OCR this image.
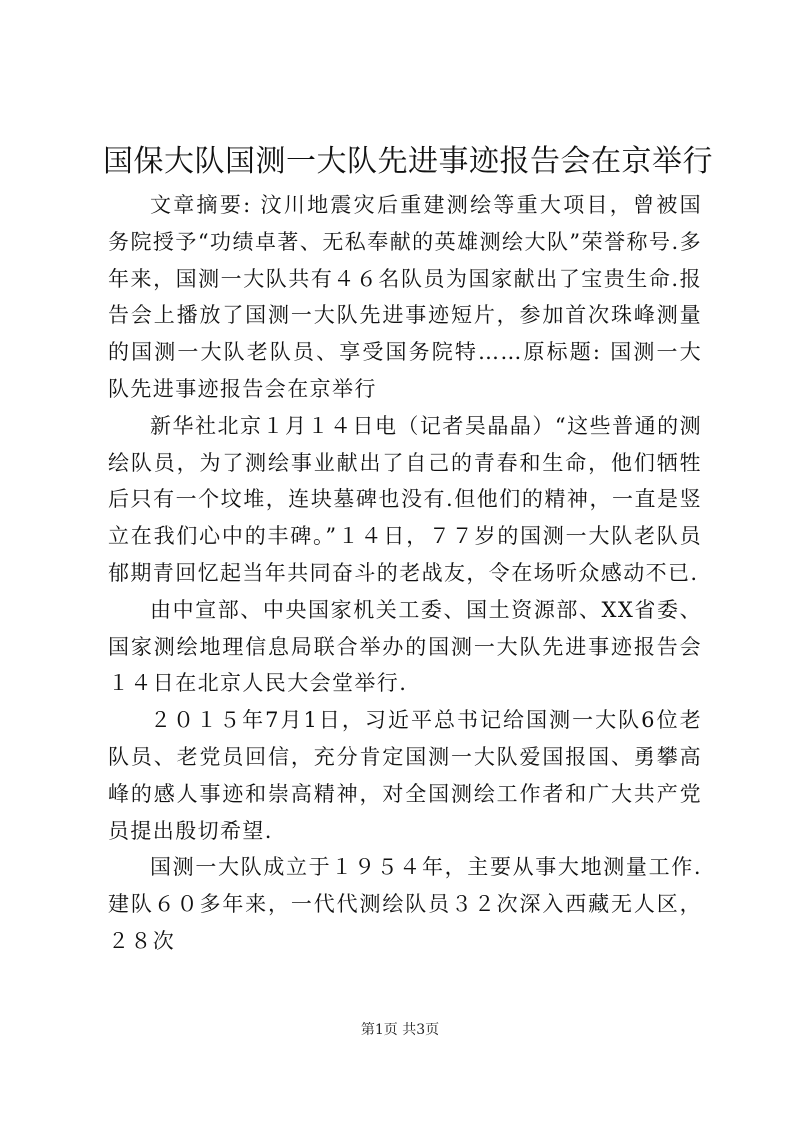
国保大队国测一大队先进事迹报告会在京举行

文章摘要: 汶川地震灾后重建测绘等重大项目，曾被国务院授予“功绩卓著、无私奉献的英雄测绘大队”荣誉称号.多年来，国测一大队共有４６名队员为国家献出了宝贵生命.报告会上播放了国测一大队先进事迹短片，参加首次珠峰测量的国测一大队老队员、享受国务院特……原标题: 国测一大队先进事迹报告会在京举行

新华社北京１月１４日电（记者吴晶晶）“这些普通的测绘队员，为了测绘事业献出了自己的青春和生命，他们牺牲后只有一个坟堆，连块墓碑也没有.但他们的精神，一直是竖立在我们心中的丰碑。”１４日，７７岁的国测一大队老队员郁期青回忆起当年共同奋斗的老战友，令在场听众感动不已.

由中宣部、中央国家机关工委、国土资源部、XX省委、国家测绘地理信息局联合举办的国测一大队先进事迹报告会１４日在北京人民大会堂举行.

２０１５年7月1日，习近平总书记给国测一大队6位老队员、老党员回信，充分肯定国测一大队爱国报国、勇攀高峰的感人事迹和崇高精神，对全国测绘工作者和广大共产党员提出殷切希望.

国测一大队成立于１９５４年，主要从事大地测量工作.建队６０多年来，一代代测绘队员３２次深入西藏无人区，２８次

第1页 共3页
